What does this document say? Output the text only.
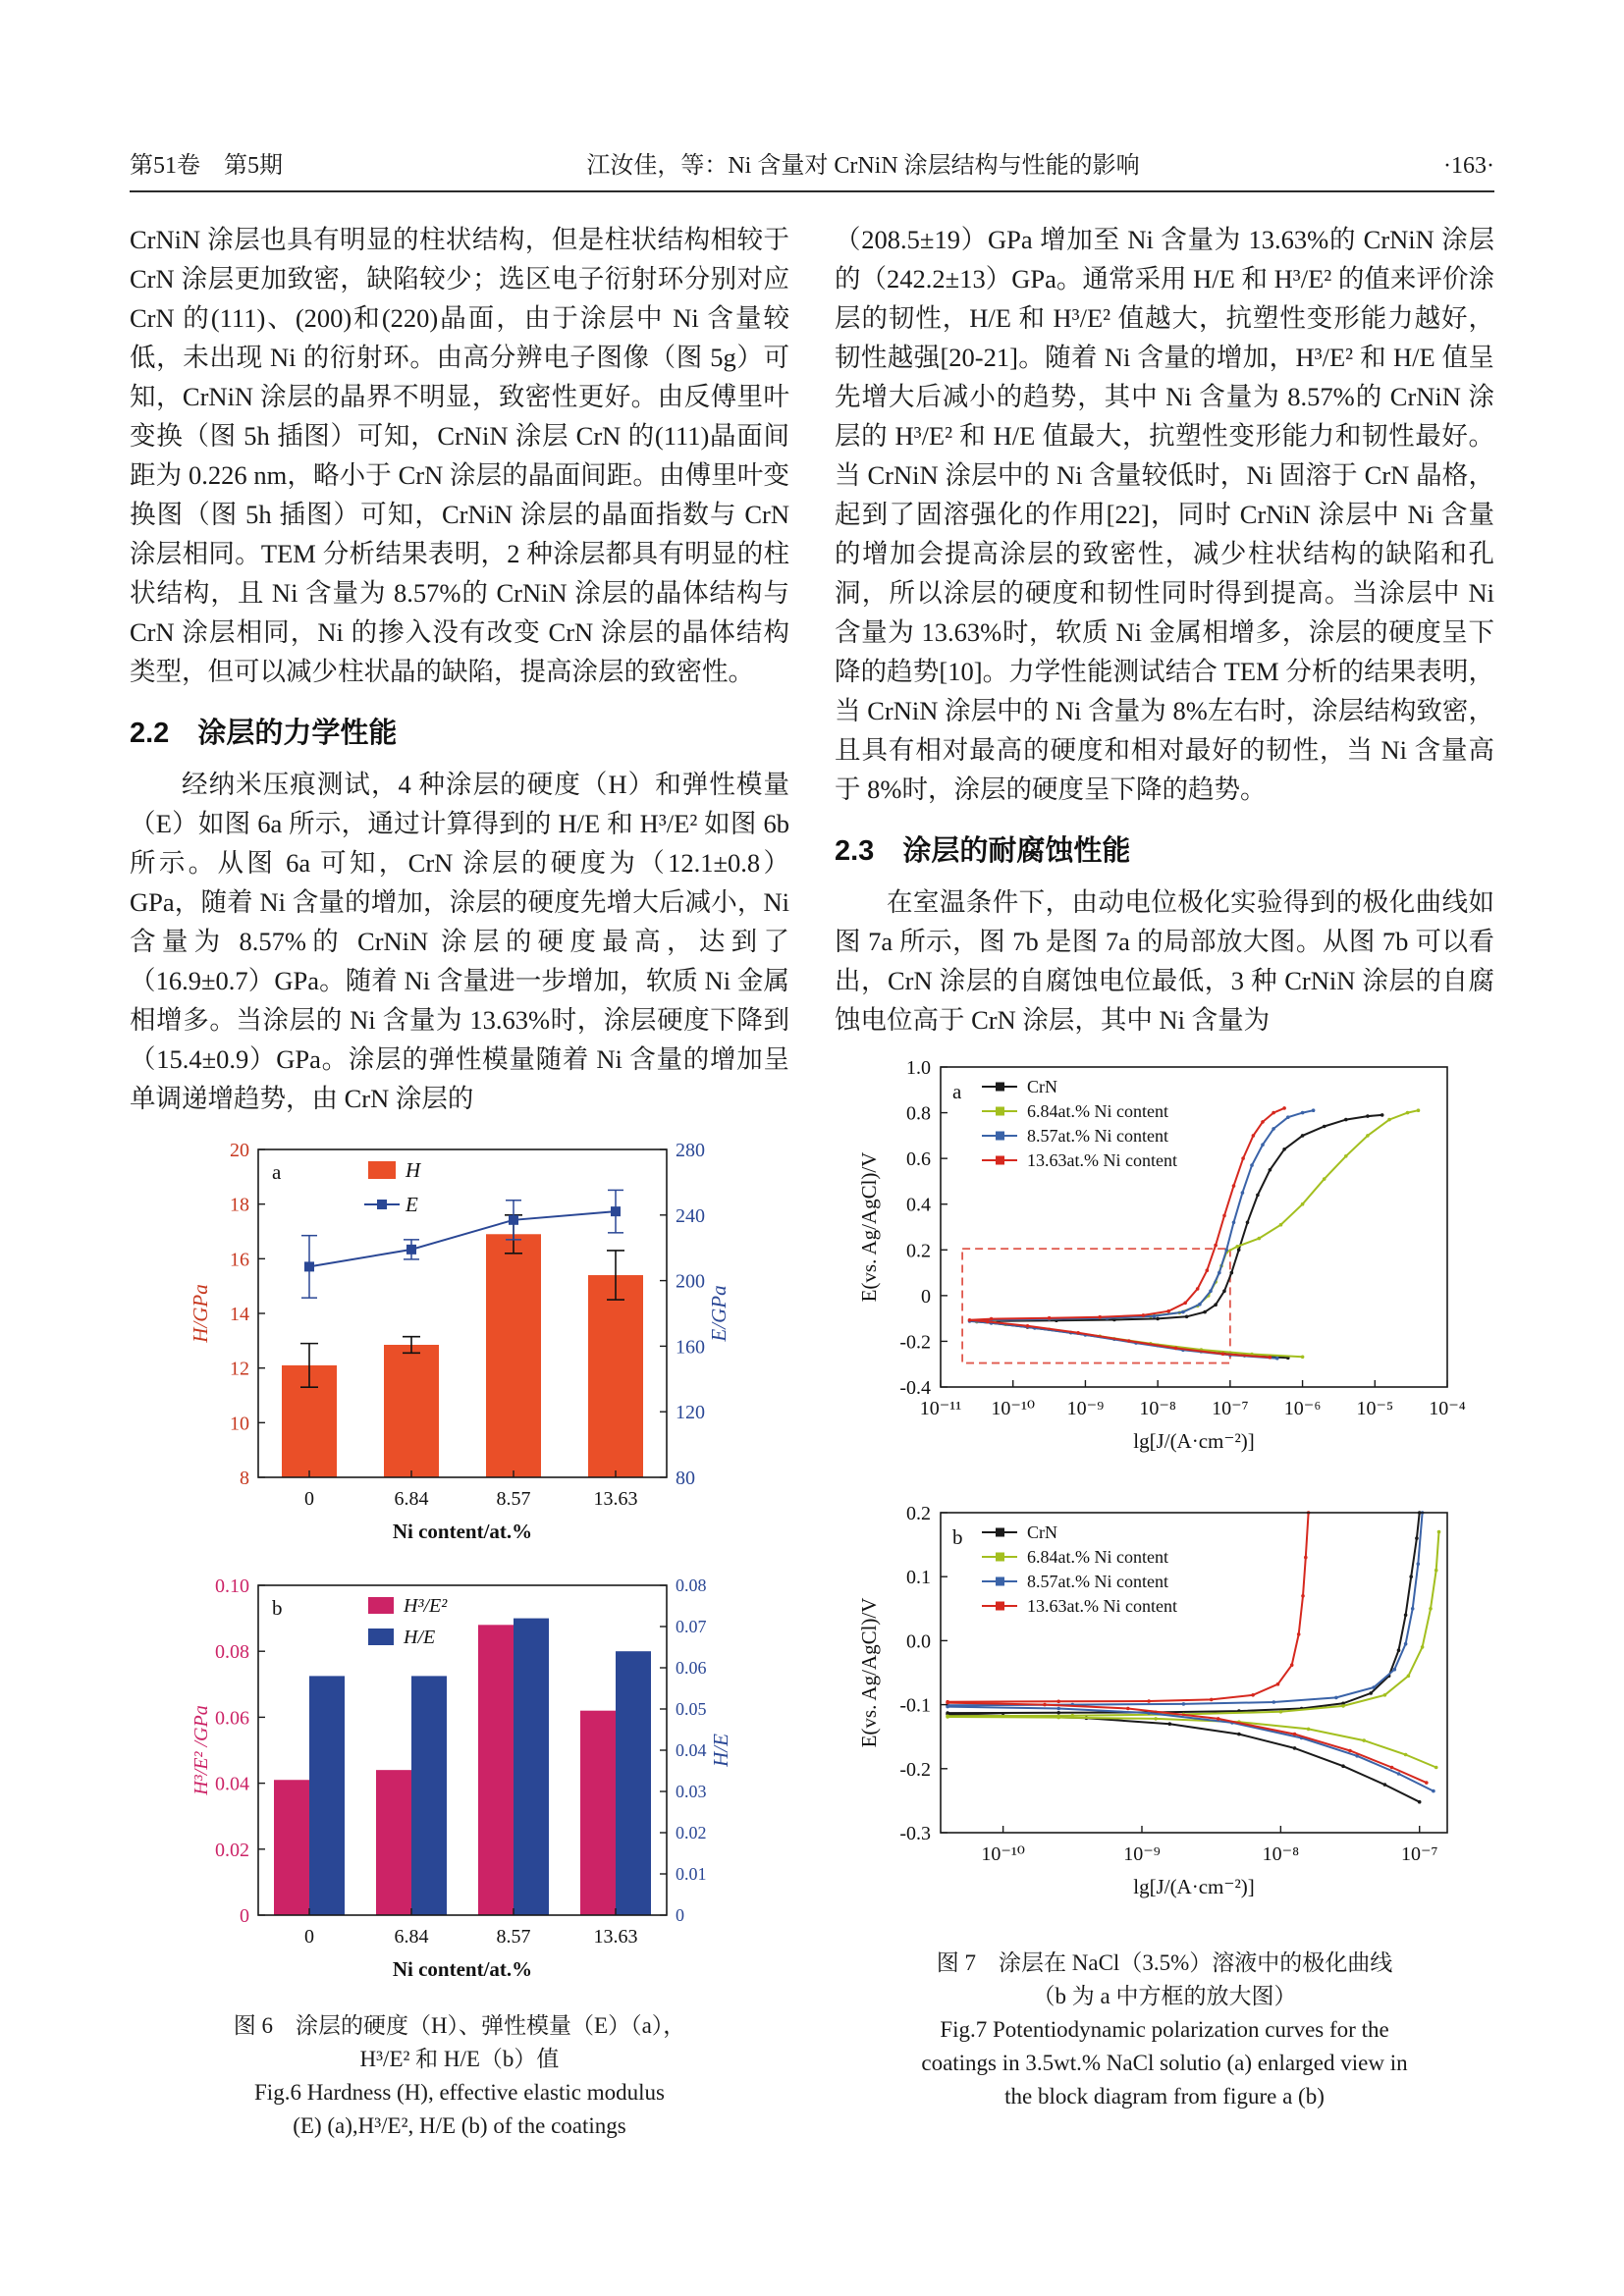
第51卷　第5期	江汝佳，等：Ni 含量对 CrNiN 涂层结构与性能的影响	·163·

CrNiN 涂层也具有明显的柱状结构，但是柱状结构相较于 CrN 涂层更加致密，缺陷较少；选区电子衍射环分别对应 CrN 的(111)、(200)和(220)晶面，由于涂层中 Ni 含量较低，未出现 Ni 的衍射环。由高分辨电子图像（图 5g）可知，CrNiN 涂层的晶界不明显，致密性更好。由反傅里叶变换（图 5h 插图）可知，CrNiN 涂层 CrN 的(111)晶面间距为 0.226 nm，略小于 CrN 涂层的晶面间距。由傅里叶变换图（图 5h 插图）可知，CrNiN 涂层的晶面指数与 CrN 涂层相同。TEM 分析结果表明，2 种涂层都具有明显的柱状结构，且 Ni 含量为 8.57%的 CrNiN 涂层的晶体结构与 CrN 涂层相同，Ni 的掺入没有改变 CrN 涂层的晶体结构类型，但可以减少柱状晶的缺陷，提高涂层的致密性。

2.2　涂层的力学性能

经纳米压痕测试，4 种涂层的硬度（H）和弹性模量（E）如图 6a 所示，通过计算得到的 H/E 和 H³/E² 如图 6b 所示。从图 6a 可知，CrN 涂层的硬度为（12.1±0.8）GPa，随着 Ni 含量的增加，涂层的硬度先增大后减小，Ni 含量为 8.57%的 CrNiN 涂层的硬度最高，达到了（16.9±0.7）GPa。随着 Ni 含量进一步增加，软质 Ni 金属相增多。当涂层的 Ni 含量为 13.63%时，涂层硬度下降到（15.4±0.9）GPa。涂层的弹性模量随着 Ni 含量的增加呈单调递增趋势，由 CrN 涂层的

8
10
12
14
16
18
20
80
120
160
200
240
280
0	6.84	8.57	13.63
Ni content/at.%
H/GPa	E/GPa
a	H
E
0
0.02
0.04
0.06
0.08
0.10
0
0.01
0.02
0.03
0.04
0.05
0.06
0.07
0.08
0	6.84	8.57	13.63
Ni content/at.%
H³/E² /GPa	H/E
b	H³/E²
H/E
图 6　涂层的硬度（H）、弹性模量（E）（a），
H³/E² 和 H/E（b）值
Fig.6 Hardness (H), effective elastic modulus
(E) (a),H³/E², H/E (b) of the coatings

（208.5±19）GPa 增加至 Ni 含量为 13.63%的 CrNiN 涂层的（242.2±13）GPa。通常采用 H/E 和 H³/E² 的值来评价涂层的韧性，H/E 和 H³/E² 值越大，抗塑性变形能力越好，韧性越强[20-21]。随着 Ni 含量的增加，H³/E² 和 H/E 值呈先增大后减小的趋势，其中 Ni 含量为 8.57%的 CrNiN 涂层的 H³/E² 和 H/E 值最大，抗塑性变形能力和韧性最好。当 CrNiN 涂层中的 Ni 含量较低时，Ni 固溶于 CrN 晶格，起到了固溶强化的作用[22]，同时 CrNiN 涂层中 Ni 含量的增加会提高涂层的致密性，减少柱状结构的缺陷和孔洞，所以涂层的硬度和韧性同时得到提高。当涂层中 Ni 含量为 13.63%时，软质 Ni 金属相增多，涂层的硬度呈下降的趋势[10]。力学性能测试结合 TEM 分析的结果表明，当 CrNiN 涂层中的 Ni 含量为 8%左右时，涂层结构致密，且具有相对最高的硬度和相对最好的韧性，当 Ni 含量高于 8%时，涂层的硬度呈下降的趋势。

2.3　涂层的耐腐蚀性能

在室温条件下，由动电位极化实验得到的极化曲线如图 7a 所示，图 7b 是图 7a 的局部放大图。从图 7b 可以看出，CrN 涂层的自腐蚀电位最低，3 种 CrNiN 涂层的自腐蚀电位高于 CrN 涂层，其中 Ni 含量为

10⁻¹¹ 10⁻¹⁰ 10⁻⁹ 10⁻⁸ 10⁻⁷ 10⁻⁶ 10⁻⁵ 10⁻⁴
1.0
0.8
0.6
0.4
0.2
0
-0.2
-0.4
lg[J/(A·cm⁻²)]
E(vs. Ag/AgCl)/V
a	CrN
6.84at.% Ni content
8.57at.% Ni content
13.63at.% Ni content
10⁻¹⁰	10⁻⁹	10⁻⁸	10⁻⁷
0.2
0.1
0.0
-0.1
-0.2
-0.3
lg[J/(A·cm⁻²)]
E(vs. Ag/AgCl)/V
b	CrN
6.84at.% Ni content
8.57at.% Ni content
13.63at.% Ni content
图 7　涂层在 NaCl（3.5%）溶液中的极化曲线
（b 为 a 中方框的放大图）
Fig.7 Potentiodynamic polarization curves for the
coatings in 3.5wt.% NaCl solutio (a) enlarged view in
the block diagram from figure a (b)
